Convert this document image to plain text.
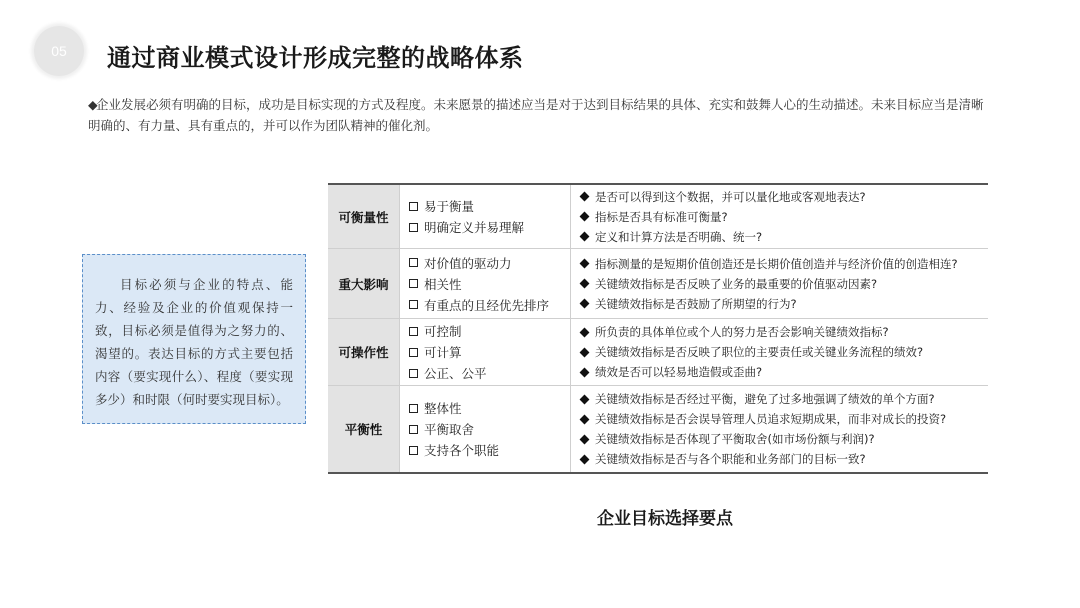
05	通过商业模式设计形成完整的战略体系
◆企业发展必须有明确的目标，成功是目标实现的方式及程度。未来愿景的描述应当是对于达到目标结果的具体、充实和鼓舞人心的生动描述。未来目标应当是清晰明确的、有力量、具有重点的，并可以作为团队精神的催化剂。
目标必须与企业的特点、能力、经验及企业的价值观保持一致，目标必须是值得为之努力的、渴望的。表达目标的方式主要包括内容（要实现什么）、程度（要实现多少）和时限（何时要实现目标）。
可衡量性
易于衡量
明确定义并易理解
是否可以得到这个数据，并可以量化地或客观地表达?
指标是否具有标准可衡量?
定义和计算方法是否明确、统一?
重大影响
对价值的驱动力
相关性
有重点的且经优先排序
指标测量的是短期价值创造还是长期价值创造并与经济价值的创造相连?
关键绩效指标是否反映了业务的最重要的价值驱动因素?
关键绩效指标是否鼓励了所期望的行为?
可操作性
可控制
可计算
公正、公平
所负责的具体单位或个人的努力是否会影响关键绩效指标?
关键绩效指标是否反映了职位的主要责任或关键业务流程的绩效?
绩效是否可以轻易地造假或歪曲?
平衡性
整体性
平衡取舍
支持各个职能
关键绩效指标是否经过平衡，避免了过多地强调了绩效的单个方面?
关键绩效指标是否会误导管理人员追求短期成果，而非对成长的投资?
关键绩效指标是否体现了平衡取舍(如市场份额与利润)?
关键绩效指标是否与各个职能和业务部门的目标一致?
企业目标选择要点
